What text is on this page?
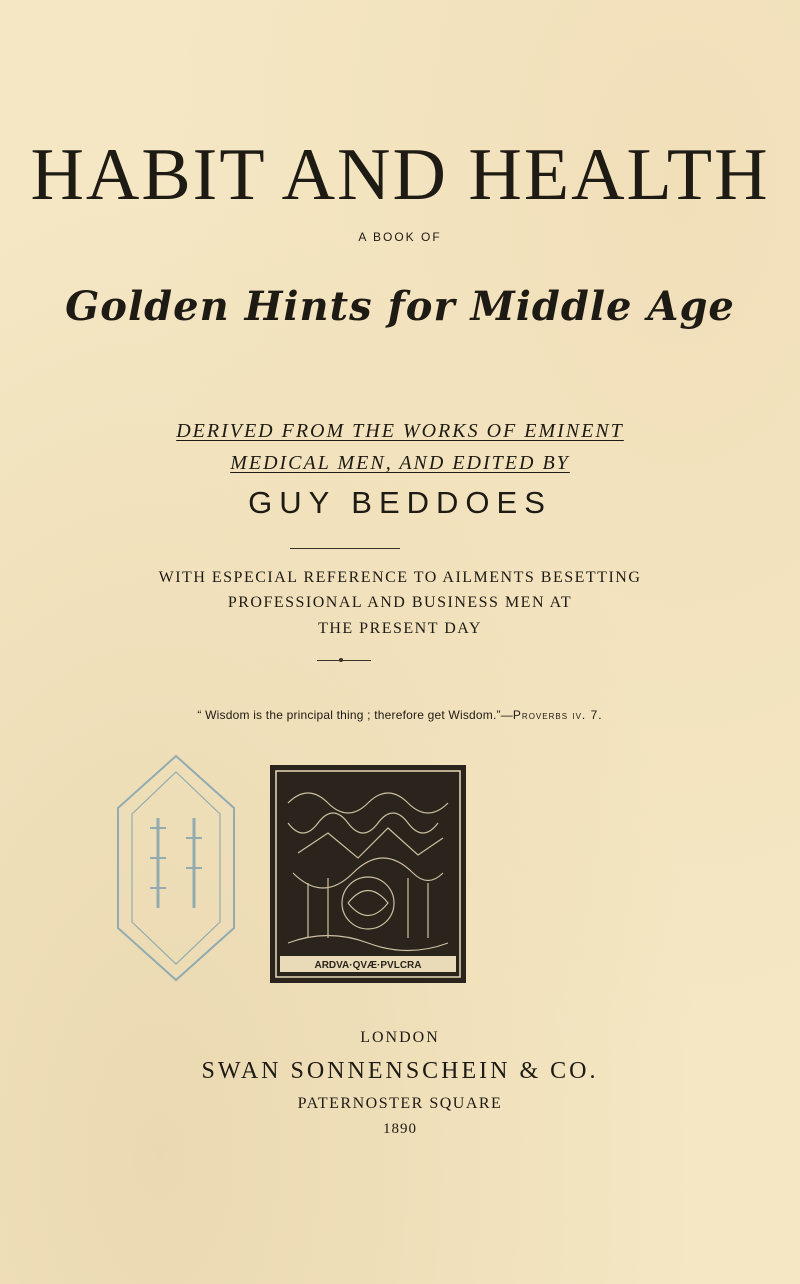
HABIT AND HEALTH
A BOOK OF
Golden Hints for Middle Age
DERIVED FROM THE WORKS OF EMINENT
MEDICAL MEN, AND EDITED BY
GUY BEDDOES
WITH ESPECIAL REFERENCE TO AILMENTS BESETTING
PROFESSIONAL AND BUSINESS MEN AT
THE PRESENT DAY
“ Wisdom is the principal thing ; therefore get Wisdom.”—Proverbs iv. 7.
ARDVA·QVÆ·PVLCRA
LONDON
SWAN SONNENSCHEIN & CO.
PATERNOSTER SQUARE
1890
